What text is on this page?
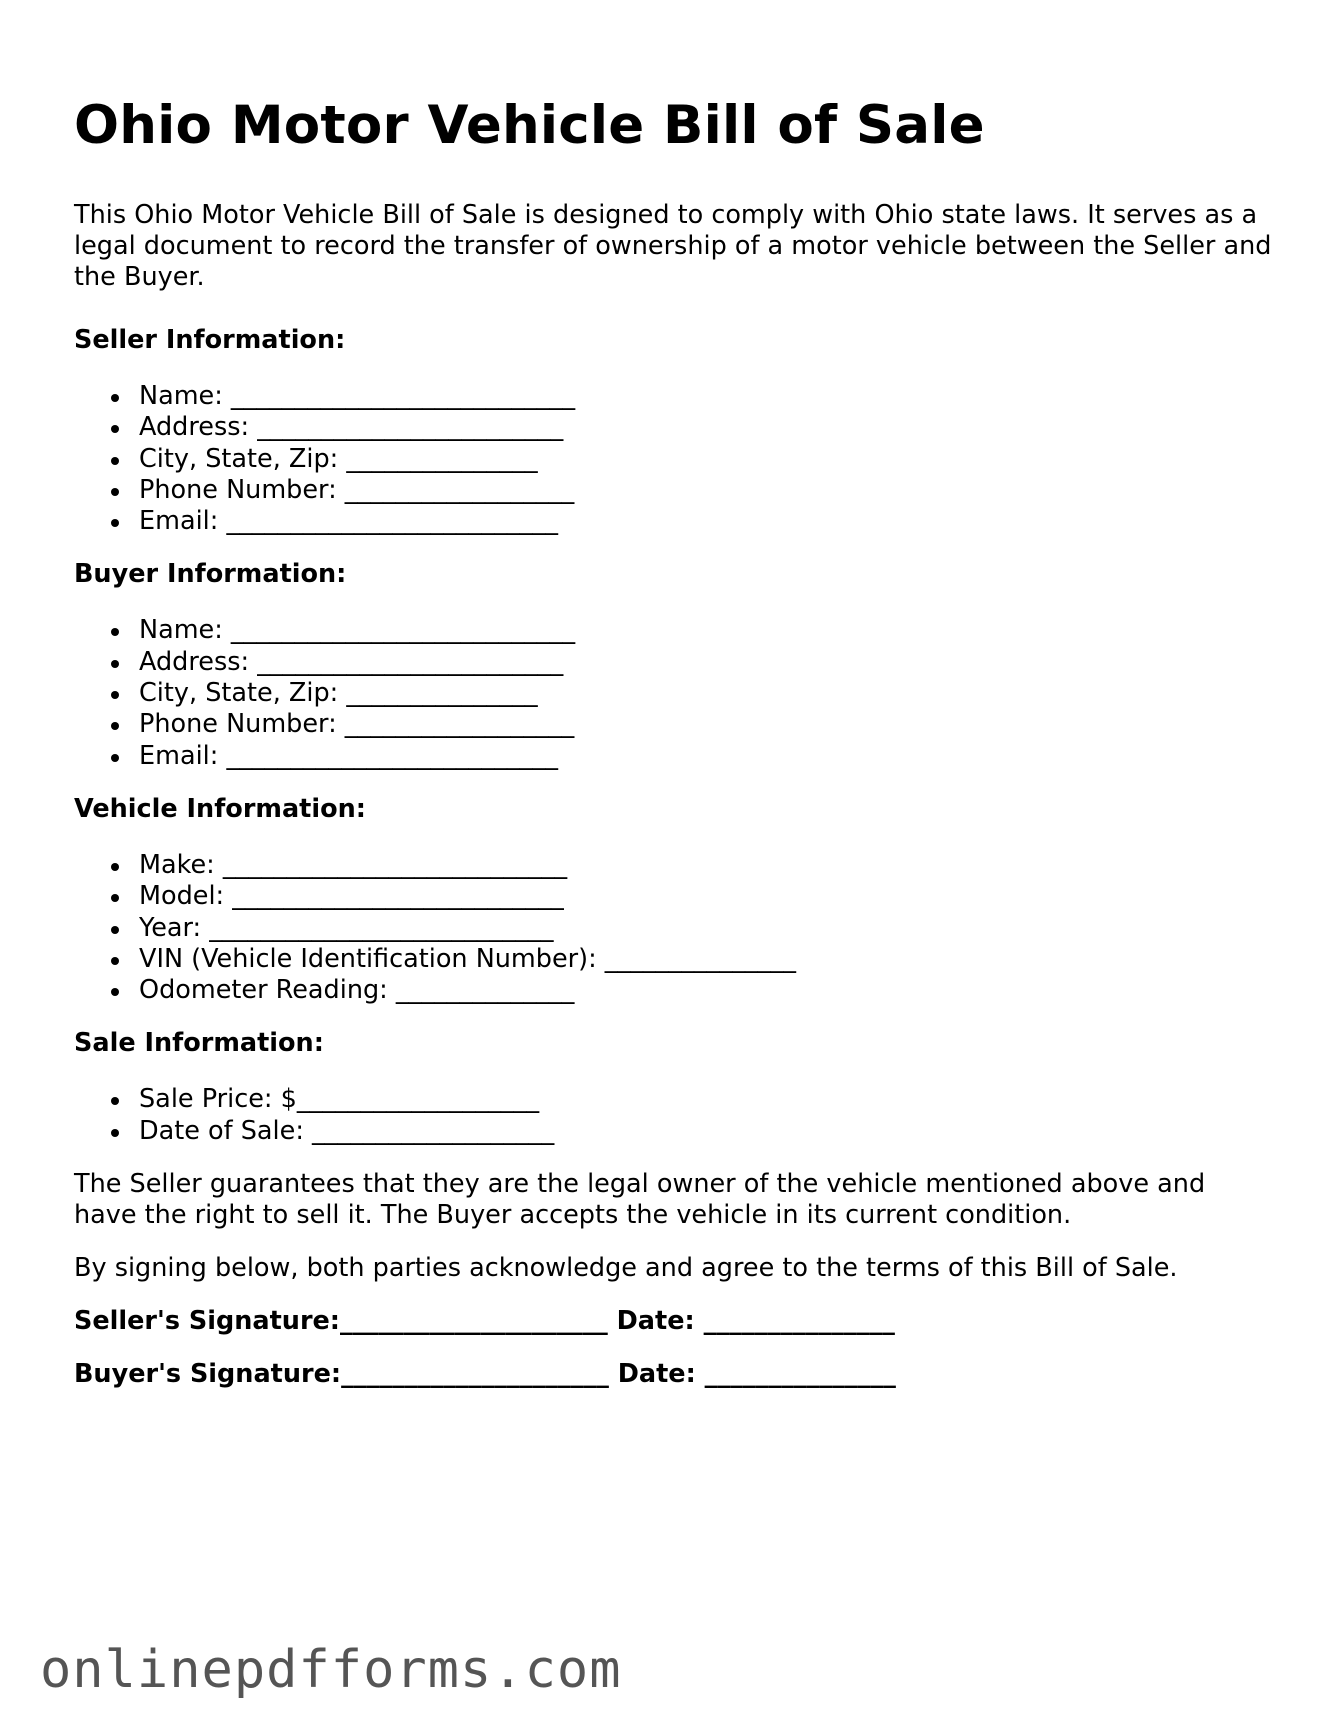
Ohio Motor Vehicle Bill of Sale

This Ohio Motor Vehicle Bill of Sale is designed to comply with Ohio state laws. It serves as a legal document to record the transfer of ownership of a motor vehicle between the Seller and the Buyer.

Seller Information:

Name: ___________________________
Address: ________________________
City, State, Zip: _______________
Phone Number: __________________
Email: __________________________

Buyer Information:

Name: ___________________________
Address: ________________________
City, State, Zip: _______________
Phone Number: __________________
Email: __________________________

Vehicle Information:

Make: ___________________________
Model: __________________________
Year: ___________________________
VIN (Vehicle Identification Number): _______________
Odometer Reading: ______________

Sale Information:

Sale Price: $___________________
Date of Sale: ___________________

The Seller guarantees that they are the legal owner of the vehicle mentioned above and have the right to sell it. The Buyer accepts the vehicle in its current condition.

By signing below, both parties acknowledge and agree to the terms of this Bill of Sale.

Seller's Signature:_____________________ Date: _______________

Buyer's Signature:_____________________ Date: _______________

onlinepdfforms.com
